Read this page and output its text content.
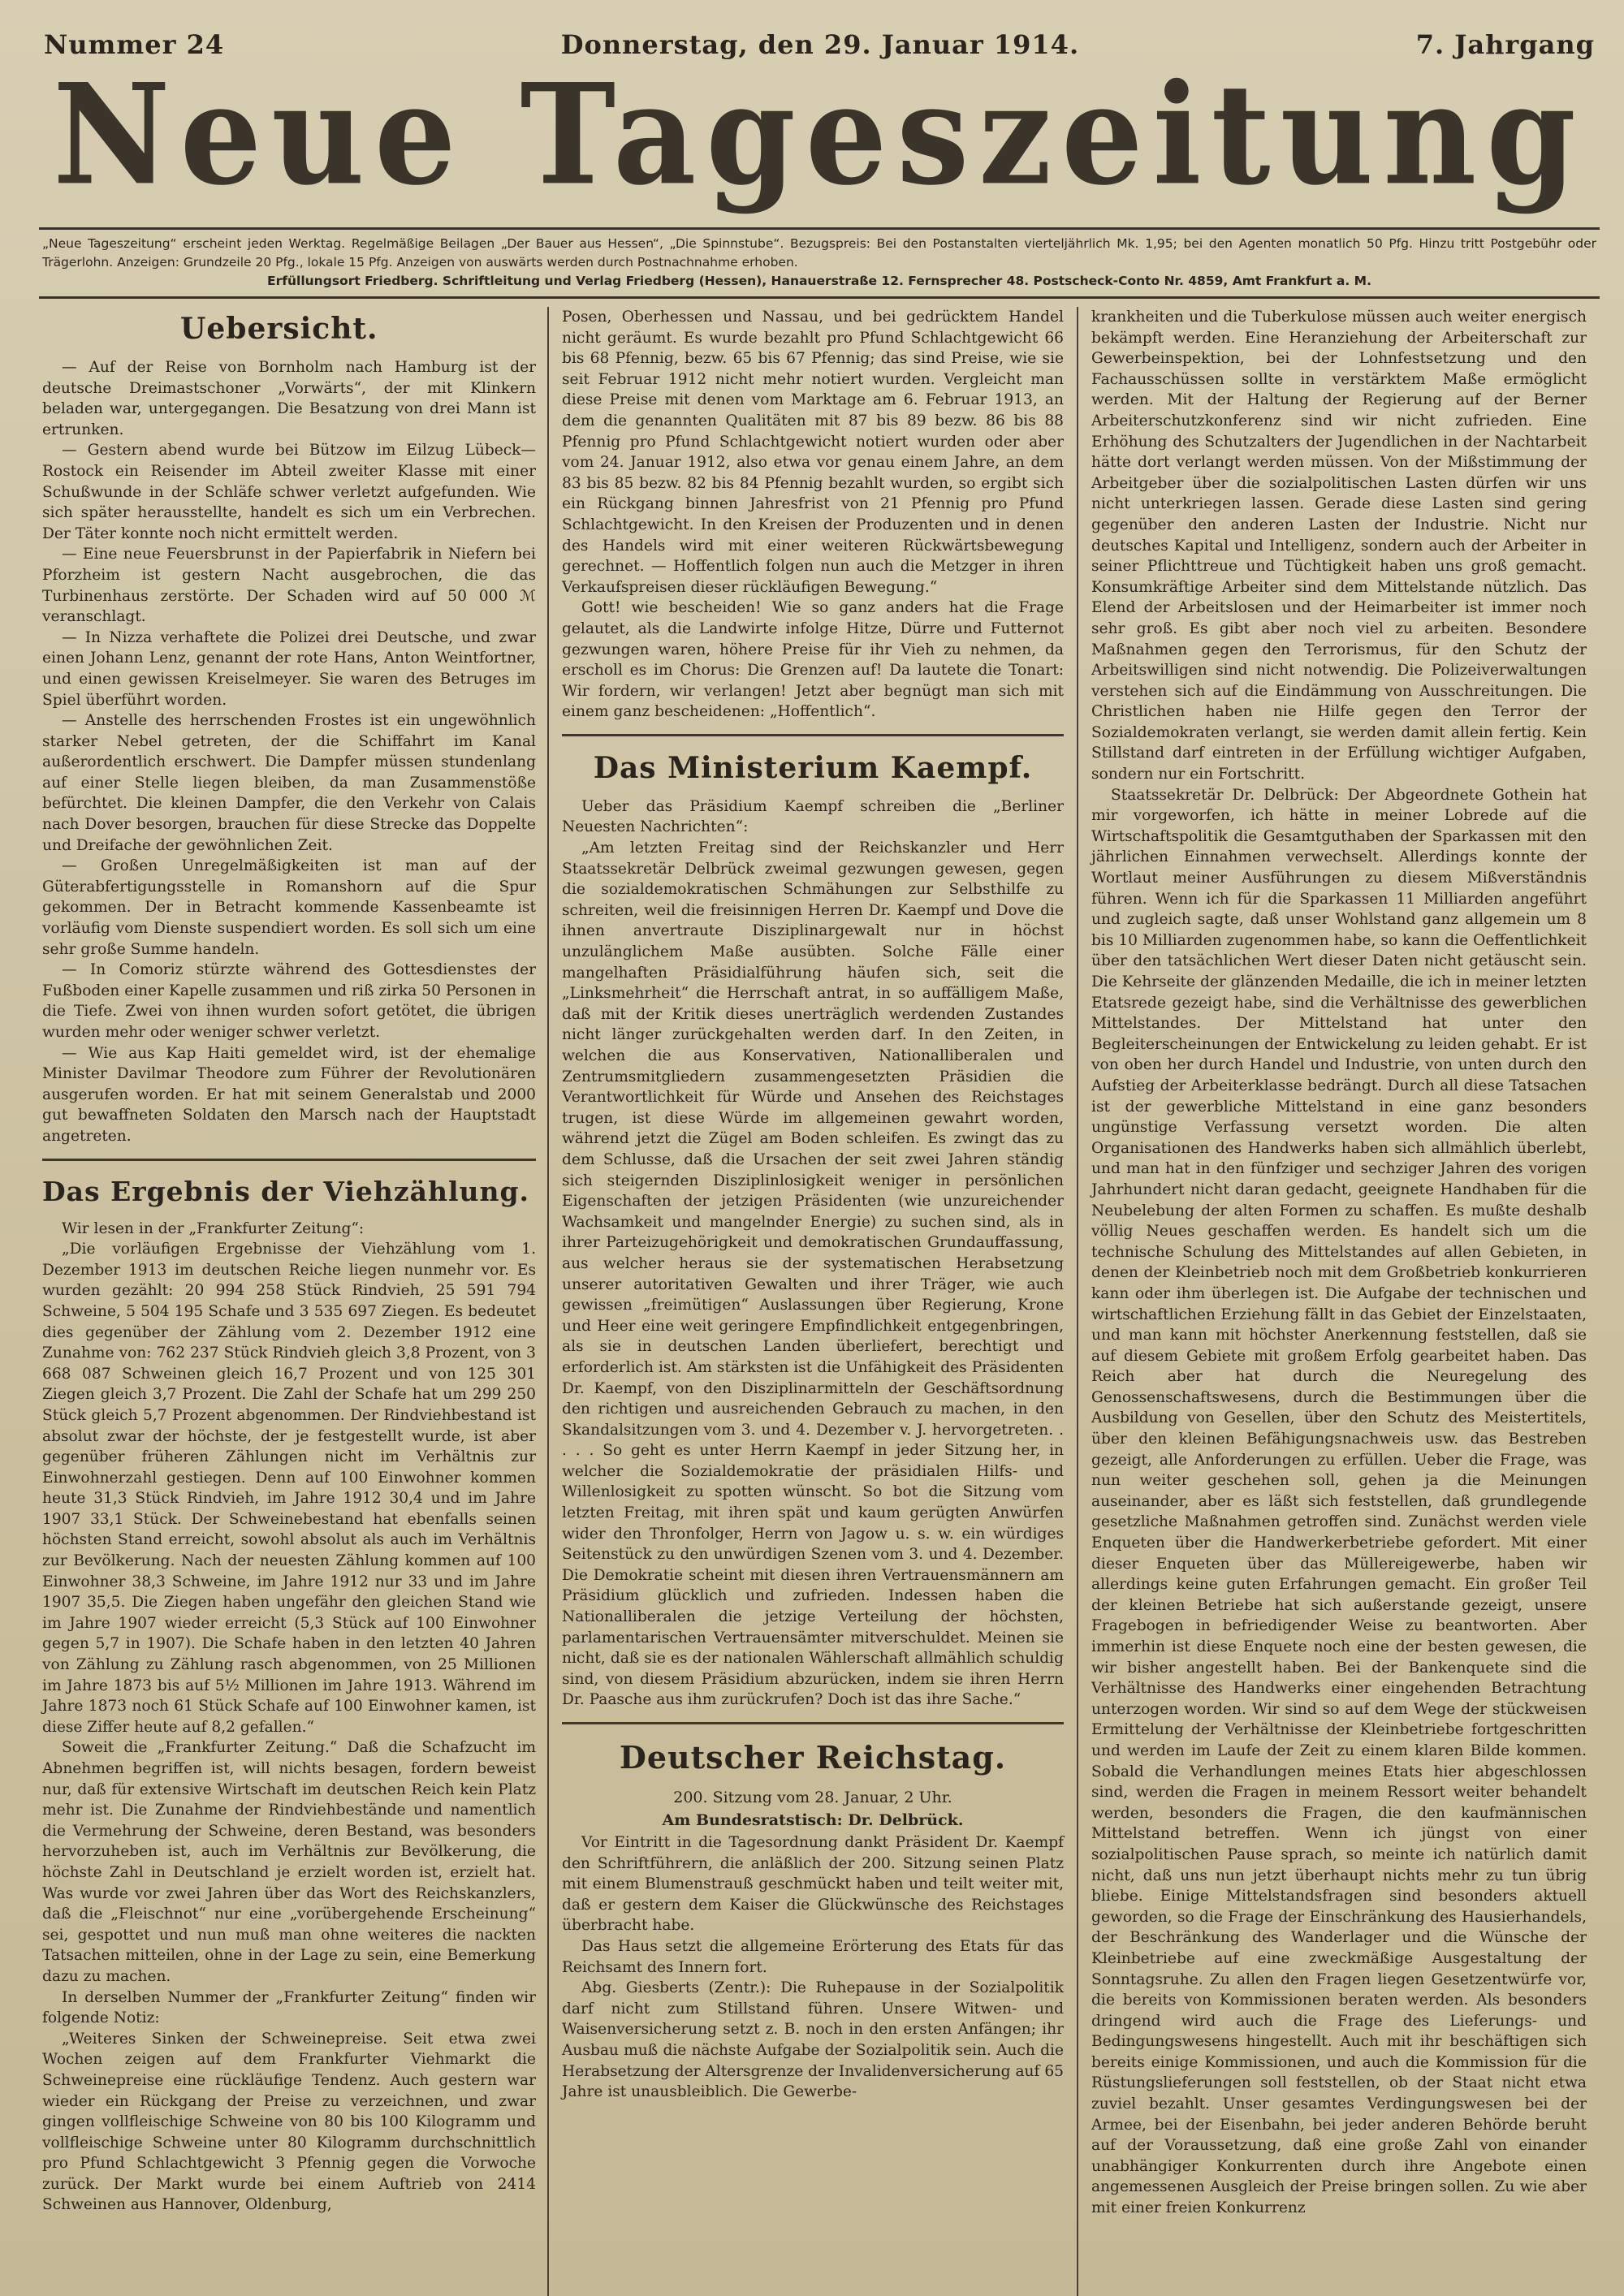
Nummer 24	Donnerstag, den 29. Januar 1914.	7. Jahrgang
Neue Tageszeitung
„Neue Tageszeitung“ erscheint jeden Werktag. Regelmäßige Beilagen „Der Bauer aus Hessen“, „Die Spinnstube“. Bezugspreis: Bei den Postanstalten vierteljährlich Mk. 1,95; bei den Agenten monatlich 50 Pfg. Hinzu tritt Postgebühr oder Trägerlohn. Anzeigen: Grundzeile 20 Pfg., lokale 15 Pfg. Anzeigen von auswärts werden durch Postnachnahme erhoben.
Erfüllungsort Friedberg. Schriftleitung und Verlag Friedberg (Hessen), Hanauerstraße 12. Fernsprecher 48. Postscheck-Conto Nr. 4859, Amt Frankfurt a. M.
Uebersicht.

— Auf der Reise von Bornholm nach Hamburg ist der deutsche Dreimastschoner „Vorwärts“, der mit Klinkern beladen war, untergegangen. Die Besatzung von drei Mann ist ertrunken.

— Gestern abend wurde bei Bützow im Eilzug Lübeck—Rostock ein Reisender im Abteil zweiter Klasse mit einer Schußwunde in der Schläfe schwer verletzt aufgefunden. Wie sich später herausstellte, handelt es sich um ein Verbrechen. Der Täter konnte noch nicht ermittelt werden.

— Eine neue Feuersbrunst in der Papierfabrik in Niefern bei Pforzheim ist gestern Nacht ausgebrochen, die das Turbinenhaus zerstörte. Der Schaden wird auf 50 000 ℳ veranschlagt.

— In Nizza verhaftete die Polizei drei Deutsche, und zwar einen Johann Lenz, genannt der rote Hans, Anton Weintfortner, und einen gewissen Kreiselmeyer. Sie waren des Betruges im Spiel überführt worden.

— Anstelle des herrschenden Frostes ist ein ungewöhnlich starker Nebel getreten, der die Schiffahrt im Kanal außerordentlich erschwert. Die Dampfer müssen stundenlang auf einer Stelle liegen bleiben, da man Zusammenstöße befürchtet. Die kleinen Dampfer, die den Verkehr von Calais nach Dover besorgen, brauchen für diese Strecke das Doppelte und Dreifache der gewöhnlichen Zeit.

— Großen Unregelmäßigkeiten ist man auf der Güterabfertigungsstelle in Romanshorn auf die Spur gekommen. Der in Betracht kommende Kassenbeamte ist vorläufig vom Dienste suspendiert worden. Es soll sich um eine sehr große Summe handeln.

— In Comoriz stürzte während des Gottesdienstes der Fußboden einer Kapelle zusammen und riß zirka 50 Personen in die Tiefe. Zwei von ihnen wurden sofort getötet, die übrigen wurden mehr oder weniger schwer verletzt.

— Wie aus Kap Haiti gemeldet wird, ist der ehemalige Minister Davilmar Theodore zum Führer der Revolutionären ausgerufen worden. Er hat mit seinem Generalstab und 2000 gut bewaffneten Soldaten den Marsch nach der Hauptstadt angetreten.

Das Ergebnis der Viehzählung.

Wir lesen in der „Frankfurter Zeitung“:

„Die vorläufigen Ergebnisse der Viehzählung vom 1. Dezember 1913 im deutschen Reiche liegen nunmehr vor. Es wurden gezählt: 20 994 258 Stück Rindvieh, 25 591 794 Schweine, 5 504 195 Schafe und 3 535 697 Ziegen. Es bedeutet dies gegenüber der Zählung vom 2. Dezember 1912 eine Zunahme von: 762 237 Stück Rindvieh gleich 3,8 Prozent, von 3 668 087 Schweinen gleich 16,7 Prozent und von 125 301 Ziegen gleich 3,7 Prozent. Die Zahl der Schafe hat um 299 250 Stück gleich 5,7 Prozent abgenommen. Der Rindviehbestand ist absolut zwar der höchste, der je festgestellt wurde, ist aber gegenüber früheren Zählungen nicht im Verhältnis zur Einwohnerzahl gestiegen. Denn auf 100 Einwohner kommen heute 31,3 Stück Rindvieh, im Jahre 1912 30,4 und im Jahre 1907 33,1 Stück. Der Schweinebestand hat ebenfalls seinen höchsten Stand erreicht, sowohl absolut als auch im Verhältnis zur Bevölkerung. Nach der neuesten Zählung kommen auf 100 Einwohner 38,3 Schweine, im Jahre 1912 nur 33 und im Jahre 1907 35,5. Die Ziegen haben ungefähr den gleichen Stand wie im Jahre 1907 wieder erreicht (5,3 Stück auf 100 Einwohner gegen 5,7 in 1907). Die Schafe haben in den letzten 40 Jahren von Zählung zu Zählung rasch abgenommen, von 25 Millionen im Jahre 1873 bis auf 5½ Millionen im Jahre 1913. Während im Jahre 1873 noch 61 Stück Schafe auf 100 Einwohner kamen, ist diese Ziffer heute auf 8,2 gefallen.“

Soweit die „Frankfurter Zeitung.“ Daß die Schafzucht im Abnehmen begriffen ist, will nichts besagen, fordern beweist nur, daß für extensive Wirtschaft im deutschen Reich kein Platz mehr ist. Die Zunahme der Rindviehbestände und namentlich die Vermehrung der Schweine, deren Bestand, was besonders hervorzuheben ist, auch im Verhältnis zur Bevölkerung, die höchste Zahl in Deutschland je erzielt worden ist, erzielt hat. Was wurde vor zwei Jahren über das Wort des Reichskanzlers, daß die „Fleischnot“ nur eine „vorübergehende Erscheinung“ sei, gespottet und nun muß man ohne weiteres die nackten Tatsachen mitteilen, ohne in der Lage zu sein, eine Bemerkung dazu zu machen.

In derselben Nummer der „Frankfurter Zeitung“ finden wir folgende Notiz:

„Weiteres Sinken der Schweinepreise. Seit etwa zwei Wochen zeigen auf dem Frankfurter Viehmarkt die Schweinepreise eine rückläufige Tendenz. Auch gestern war wieder ein Rückgang der Preise zu verzeichnen, und zwar gingen vollfleischige Schweine von 80 bis 100 Kilogramm und vollfleischige Schweine unter 80 Kilogramm durchschnittlich pro Pfund Schlachtgewicht 3 Pfennig gegen die Vorwoche zurück. Der Markt wurde bei einem Auftrieb von 2414 Schweinen aus Hannover, Oldenburg,

Posen, Oberhessen und Nassau, und bei gedrücktem Handel nicht geräumt. Es wurde bezahlt pro Pfund Schlachtgewicht 66 bis 68 Pfennig, bezw. 65 bis 67 Pfennig; das sind Preise, wie sie seit Februar 1912 nicht mehr notiert wurden. Vergleicht man diese Preise mit denen vom Marktage am 6. Februar 1913, an dem die genannten Qualitäten mit 87 bis 89 bezw. 86 bis 88 Pfennig pro Pfund Schlachtgewicht notiert wurden oder aber vom 24. Januar 1912, also etwa vor genau einem Jahre, an dem 83 bis 85 bezw. 82 bis 84 Pfennig bezahlt wurden, so ergibt sich ein Rückgang binnen Jahresfrist von 21 Pfennig pro Pfund Schlachtgewicht. In den Kreisen der Produzenten und in denen des Handels wird mit einer weiteren Rückwärtsbewegung gerechnet. — Hoffentlich folgen nun auch die Metzger in ihren Verkaufspreisen dieser rückläufigen Bewegung.“

Gott! wie bescheiden! Wie so ganz anders hat die Frage gelautet, als die Landwirte infolge Hitze, Dürre und Futternot gezwungen waren, höhere Preise für ihr Vieh zu nehmen, da erscholl es im Chorus: Die Grenzen auf! Da lautete die Tonart: Wir fordern, wir verlangen! Jetzt aber begnügt man sich mit einem ganz bescheidenen: „Hoffentlich“.

Das Ministerium Kaempf.

Ueber das Präsidium Kaempf schreiben die „Berliner Neuesten Nachrichten“:

„Am letzten Freitag sind der Reichskanzler und Herr Staatssekretär Delbrück zweimal gezwungen gewesen, gegen die sozialdemokratischen Schmähungen zur Selbsthilfe zu schreiten, weil die freisinnigen Herren Dr. Kaempf und Dove die ihnen anvertraute Disziplinargewalt nur in höchst unzulänglichem Maße ausübten. Solche Fälle einer mangelhaften Präsidialführung häufen sich, seit die „Linksmehrheit“ die Herrschaft antrat, in so auffälligem Maße, daß mit der Kritik dieses unerträglich werdenden Zustandes nicht länger zurückgehalten werden darf. In den Zeiten, in welchen die aus Konservativen, Nationalliberalen und Zentrumsmitgliedern zusammengesetzten Präsidien die Verantwortlichkeit für Würde und Ansehen des Reichstages trugen, ist diese Würde im allgemeinen gewahrt worden, während jetzt die Zügel am Boden schleifen. Es zwingt das zu dem Schlusse, daß die Ursachen der seit zwei Jahren ständig sich steigernden Disziplinlosigkeit weniger in persönlichen Eigenschaften der jetzigen Präsidenten (wie unzureichender Wachsamkeit und mangelnder Energie) zu suchen sind, als in ihrer Parteizugehörigkeit und demokratischen Grundauffassung, aus welcher heraus sie der systematischen Herabsetzung unserer autoritativen Gewalten und ihrer Träger, wie auch gewissen „freimütigen“ Auslassungen über Regierung, Krone und Heer eine weit geringere Empfindlichkeit entgegenbringen, als sie in deutschen Landen überliefert, berechtigt und erforderlich ist. Am stärksten ist die Unfähigkeit des Präsidenten Dr. Kaempf, von den Disziplinarmitteln der Geschäftsordnung den richtigen und ausreichenden Gebrauch zu machen, in den Skandalsitzungen vom 3. und 4. Dezember v. J. hervorgetreten. . . . . So geht es unter Herrn Kaempf in jeder Sitzung her, in welcher die Sozialdemokratie der präsidialen Hilfs- und Willenlosigkeit zu spotten wünscht. So bot die Sitzung vom letzten Freitag, mit ihren spät und kaum gerügten Anwürfen wider den Thronfolger, Herrn von Jagow u. s. w. ein würdiges Seitenstück zu den unwürdigen Szenen vom 3. und 4. Dezember. Die Demokratie scheint mit diesen ihren Vertrauensmännern am Präsidium glücklich und zufrieden. Indessen haben die Nationalliberalen die jetzige Verteilung der höchsten, parlamentarischen Vertrauensämter mitverschuldet. Meinen sie nicht, daß sie es der nationalen Wählerschaft allmählich schuldig sind, von diesem Präsidium abzurücken, indem sie ihren Herrn Dr. Paasche aus ihm zurückrufen? Doch ist das ihre Sache.“

Deutscher Reichstag.
200. Sitzung vom 28. Januar, 2 Uhr.
Am Bundesratstisch: Dr. Delbrück.

Vor Eintritt in die Tagesordnung dankt Präsident Dr. Kaempf den Schriftführern, die anläßlich der 200. Sitzung seinen Platz mit einem Blumenstrauß geschmückt haben und teilt weiter mit, daß er gestern dem Kaiser die Glückwünsche des Reichstages überbracht habe.

Das Haus setzt die allgemeine Erörterung des Etats für das Reichsamt des Innern fort.

Abg. Giesberts (Zentr.): Die Ruhepause in der Sozialpolitik darf nicht zum Stillstand führen. Unsere Witwen- und Waisenversicherung setzt z. B. noch in den ersten Anfängen; ihr Ausbau muß die nächste Aufgabe der Sozialpolitik sein. Auch die Herabsetzung der Altersgrenze der Invalidenversicherung auf 65 Jahre ist unausbleiblich. Die Gewerbe-

krankheiten und die Tuberkulose müssen auch weiter energisch bekämpft werden. Eine Heranziehung der Arbeiterschaft zur Gewerbeinspektion, bei der Lohnfestsetzung und den Fachausschüssen sollte in verstärktem Maße ermöglicht werden. Mit der Haltung der Regierung auf der Berner Arbeiterschutzkonferenz sind wir nicht zufrieden. Eine Erhöhung des Schutzalters der Jugendlichen in der Nachtarbeit hätte dort verlangt werden müssen. Von der Mißstimmung der Arbeitgeber über die sozialpolitischen Lasten dürfen wir uns nicht unterkriegen lassen. Gerade diese Lasten sind gering gegenüber den anderen Lasten der Industrie. Nicht nur deutsches Kapital und Intelligenz, sondern auch der Arbeiter in seiner Pflichttreue und Tüchtigkeit haben uns groß gemacht. Konsumkräftige Arbeiter sind dem Mittelstande nützlich. Das Elend der Arbeitslosen und der Heimarbeiter ist immer noch sehr groß. Es gibt aber noch viel zu arbeiten. Besondere Maßnahmen gegen den Terrorismus, für den Schutz der Arbeitswilligen sind nicht notwendig. Die Polizeiverwaltungen verstehen sich auf die Eindämmung von Ausschreitungen. Die Christlichen haben nie Hilfe gegen den Terror der Sozialdemokraten verlangt, sie werden damit allein fertig. Kein Stillstand darf eintreten in der Erfüllung wichtiger Aufgaben, sondern nur ein Fortschritt.

Staatssekretär Dr. Delbrück: Der Abgeordnete Gothein hat mir vorgeworfen, ich hätte in meiner Lobrede auf die Wirtschaftspolitik die Gesamtguthaben der Sparkassen mit den jährlichen Einnahmen verwechselt. Allerdings konnte der Wortlaut meiner Ausführungen zu diesem Mißverständnis führen. Wenn ich für die Sparkassen 11 Milliarden angeführt und zugleich sagte, daß unser Wohlstand ganz allgemein um 8 bis 10 Milliarden zugenommen habe, so kann die Oeffentlichkeit über den tatsächlichen Wert dieser Daten nicht getäuscht sein. Die Kehrseite der glänzenden Medaille, die ich in meiner letzten Etatsrede gezeigt habe, sind die Verhältnisse des gewerblichen Mittelstandes. Der Mittelstand hat unter den Begleiterscheinungen der Entwickelung zu leiden gehabt. Er ist von oben her durch Handel und Industrie, von unten durch den Aufstieg der Arbeiterklasse bedrängt. Durch all diese Tatsachen ist der gewerbliche Mittelstand in eine ganz besonders ungünstige Verfassung versetzt worden. Die alten Organisationen des Handwerks haben sich allmählich überlebt, und man hat in den fünfziger und sechziger Jahren des vorigen Jahrhundert nicht daran gedacht, geeignete Handhaben für die Neubelebung der alten Formen zu schaffen. Es mußte deshalb völlig Neues geschaffen werden. Es handelt sich um die technische Schulung des Mittelstandes auf allen Gebieten, in denen der Kleinbetrieb noch mit dem Großbetrieb konkurrieren kann oder ihm überlegen ist. Die Aufgabe der technischen und wirtschaftlichen Erziehung fällt in das Gebiet der Einzelstaaten, und man kann mit höchster Anerkennung feststellen, daß sie auf diesem Gebiete mit großem Erfolg gearbeitet haben. Das Reich aber hat durch die Neuregelung des Genossenschaftswesens, durch die Bestimmungen über die Ausbildung von Gesellen, über den Schutz des Meistertitels, über den kleinen Befähigungsnachweis usw. das Bestreben gezeigt, alle Anforderungen zu erfüllen. Ueber die Frage, was nun weiter geschehen soll, gehen ja die Meinungen auseinander, aber es läßt sich feststellen, daß grundlegende gesetzliche Maßnahmen getroffen sind. Zunächst werden viele Enqueten über die Handwerkerbetriebe gefordert. Mit einer dieser Enqueten über das Müllereigewerbe, haben wir allerdings keine guten Erfahrungen gemacht. Ein großer Teil der kleinen Betriebe hat sich außerstande gezeigt, unsere Fragebogen in befriedigender Weise zu beantworten. Aber immerhin ist diese Enquete noch eine der besten gewesen, die wir bisher angestellt haben. Bei der Bankenquete sind die Verhältnisse des Handwerks einer eingehenden Betrachtung unterzogen worden. Wir sind so auf dem Wege der stückweisen Ermittelung der Verhältnisse der Kleinbetriebe fortgeschritten und werden im Laufe der Zeit zu einem klaren Bilde kommen. Sobald die Verhandlungen meines Etats hier abgeschlossen sind, werden die Fragen in meinem Ressort weiter behandelt werden, besonders die Fragen, die den kaufmännischen Mittelstand betreffen. Wenn ich jüngst von einer sozialpolitischen Pause sprach, so meinte ich natürlich damit nicht, daß uns nun jetzt überhaupt nichts mehr zu tun übrig bliebe. Einige Mittelstandsfragen sind besonders aktuell geworden, so die Frage der Einschränkung des Hausierhandels, der Beschränkung des Wanderlager und die Wünsche der Kleinbetriebe auf eine zweckmäßige Ausgestaltung der Sonntagsruhe. Zu allen den Fragen liegen Gesetzentwürfe vor, die bereits von Kommissionen beraten werden. Als besonders dringend wird auch die Frage des Lieferungs- und Bedingungswesens hingestellt. Auch mit ihr beschäftigen sich bereits einige Kommissionen, und auch die Kommission für die Rüstungslieferungen soll feststellen, ob der Staat nicht etwa zuviel bezahlt. Unser gesamtes Verdingungswesen bei der Armee, bei der Eisenbahn, bei jeder anderen Behörde beruht auf der Voraussetzung, daß eine große Zahl von einander unabhängiger Konkurrenten durch ihre Angebote einen angemessenen Ausgleich der Preise bringen sollen. Zu wie aber mit einer freien Konkurrenz
